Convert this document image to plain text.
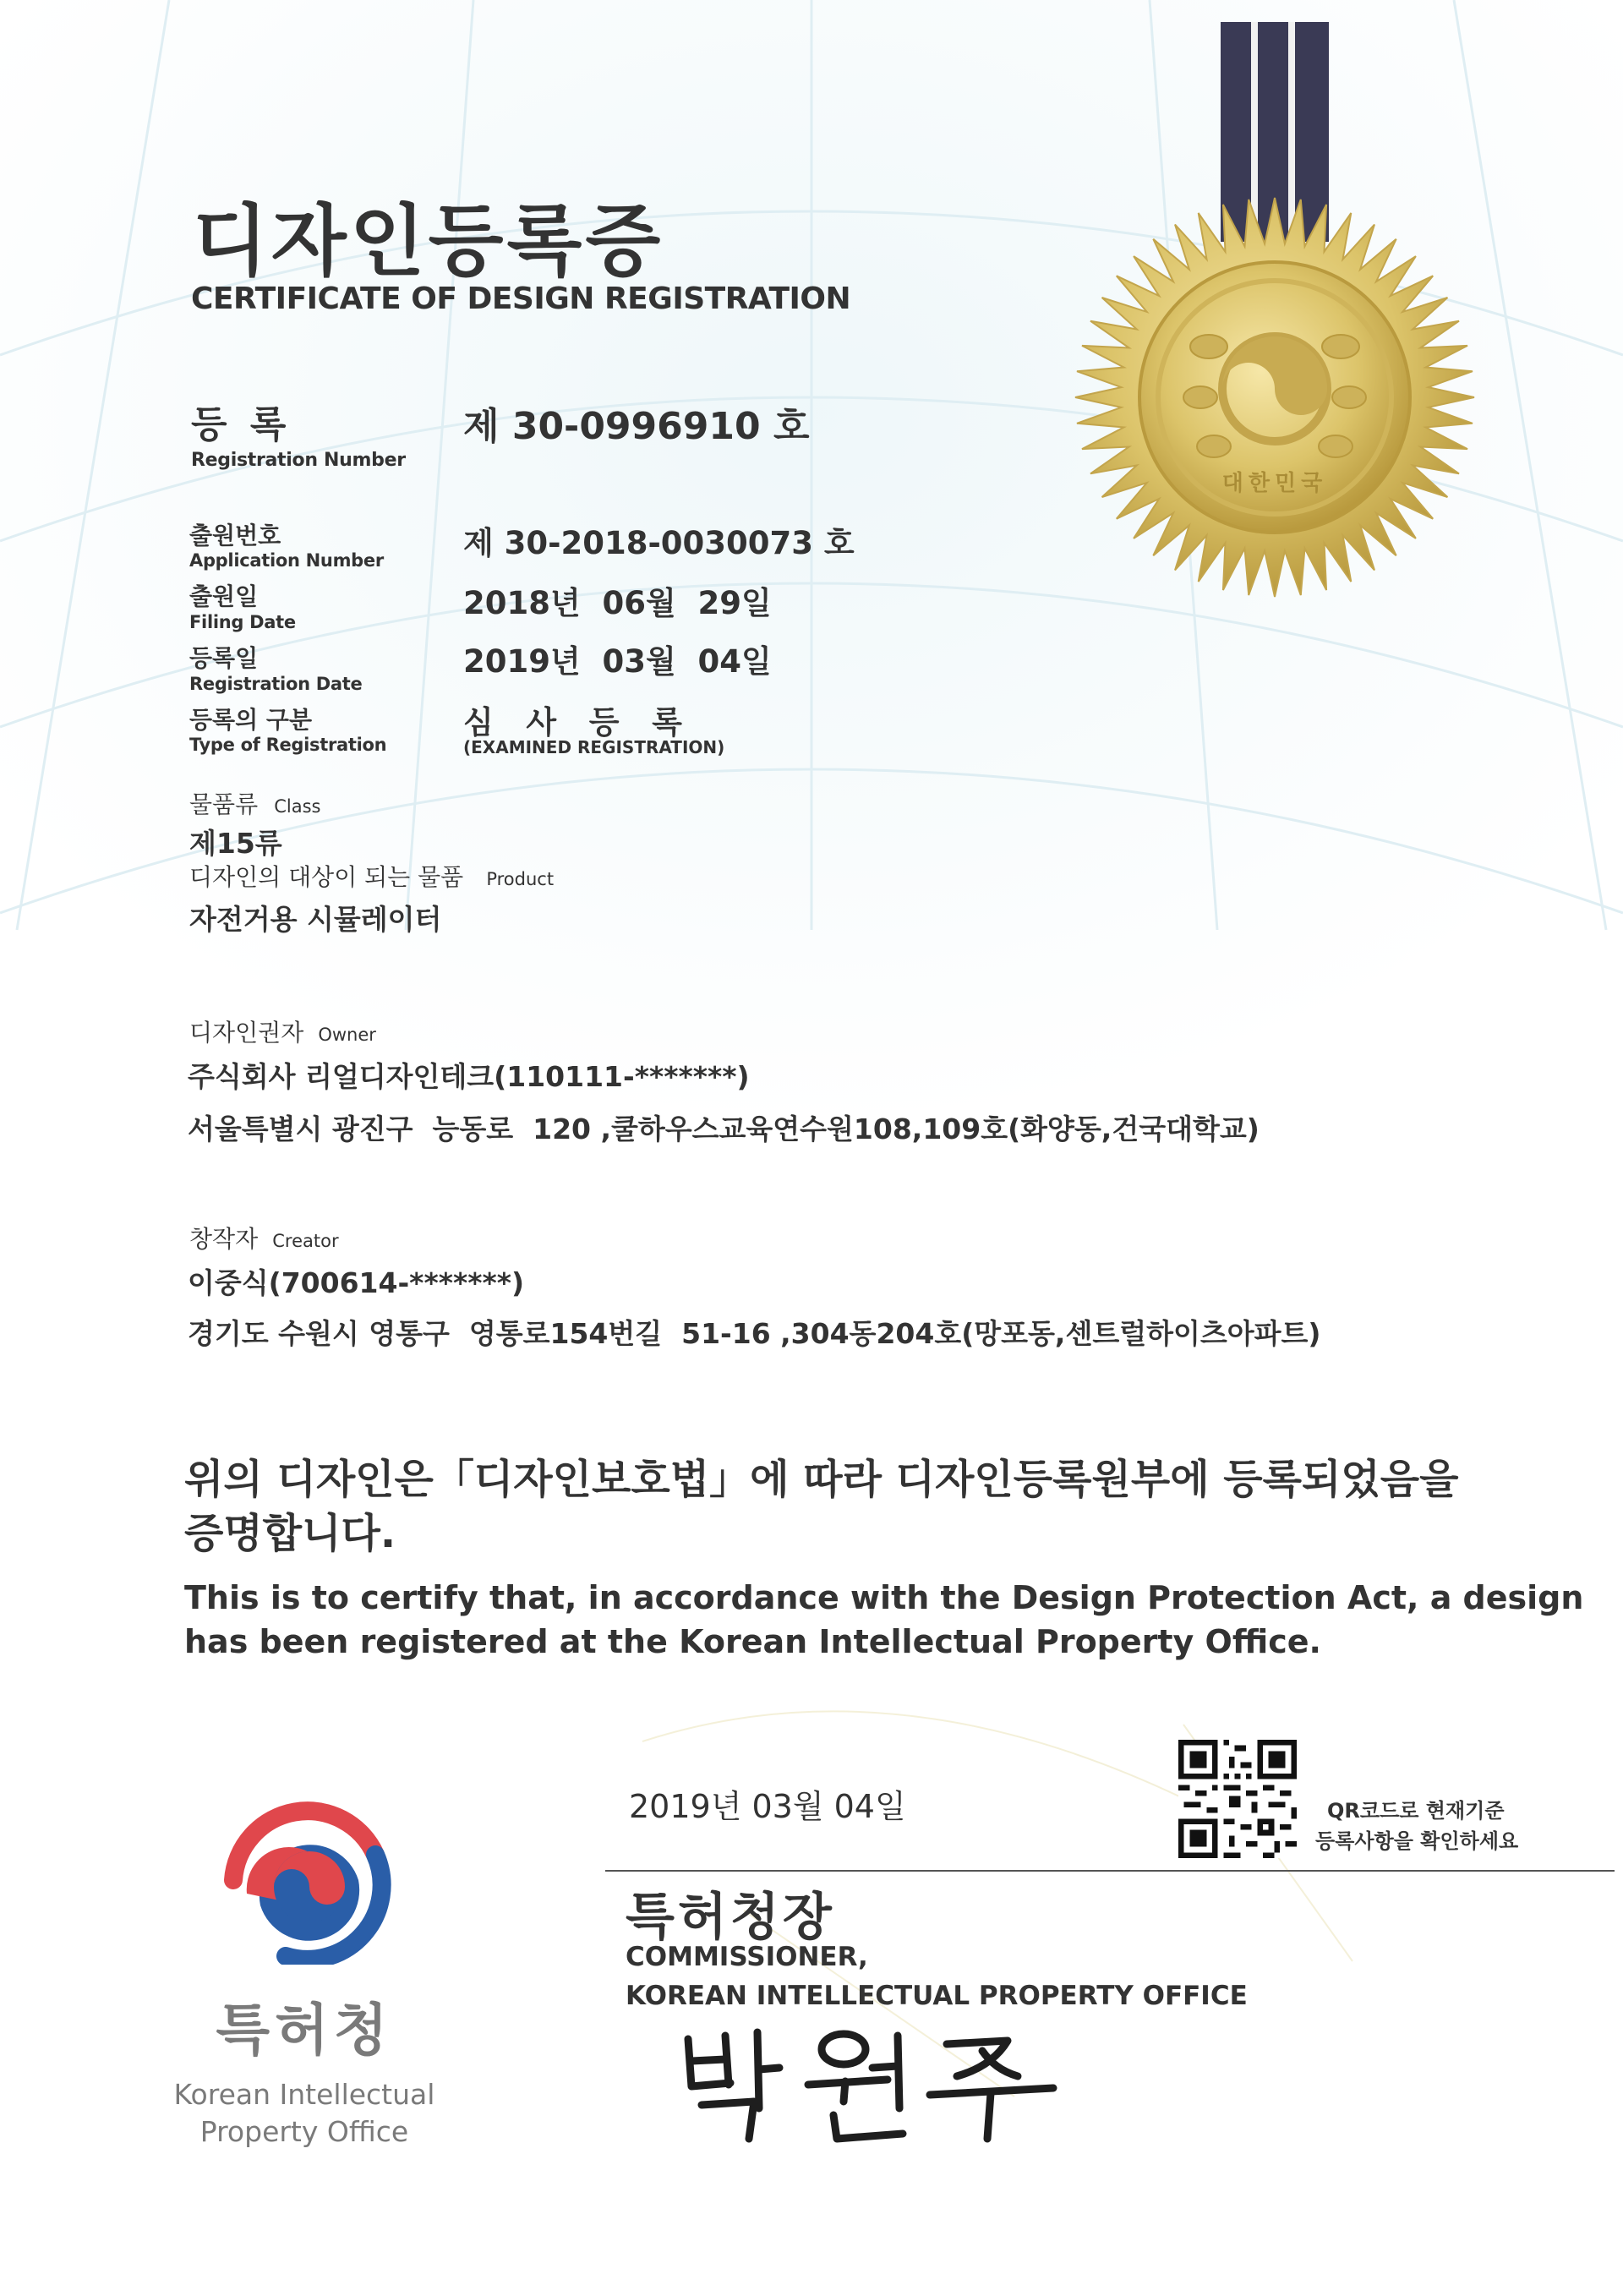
디자인등록증
CERTIFICATE OF DESIGN REGISTRATION
등 록
Registration Number
제 30-0996910 호
출원번호
Application Number	제 30-2018-0030073 호
출원일
Filing Date
2018년  06월  29일
등록일
Registration Date
2019년  03월  04일
등록의 구분
Type of Registration
심   사   등   록
(EXAMINED REGISTRATION)
물품류 Class
제15류
디자인의 대상이 되는 물품 Product
자전거용 시뮬레이터
디자인권자 Owner
주식회사 리얼디자인테크(110111-*******)
서울특별시 광진구  능동로  120 ,쿨하우스교육연수원108,109호(화양동,건국대학교)
창작자 Creator
이중식(700614-*******)
경기도 수원시 영통구  영통로154번길  51-16 ,304동204호(망포동,센트럴하이츠아파트)
위의 디자인은「디자인보호법」에 따라 디자인등록원부에 등록되었음을
증명합니다.
This is to certify that, in accordance with the Design Protection Act, a design
has been registered at the Korean Intellectual Property Office.
2019년 03월 04일
특허청장
COMMISSIONER,
KOREAN INTELLECTUAL PROPERTY OFFICE
QR코드로 현재기준
등록사항을 확인하세요
특허청
Korean Intellectual
Property Office
대한민국
